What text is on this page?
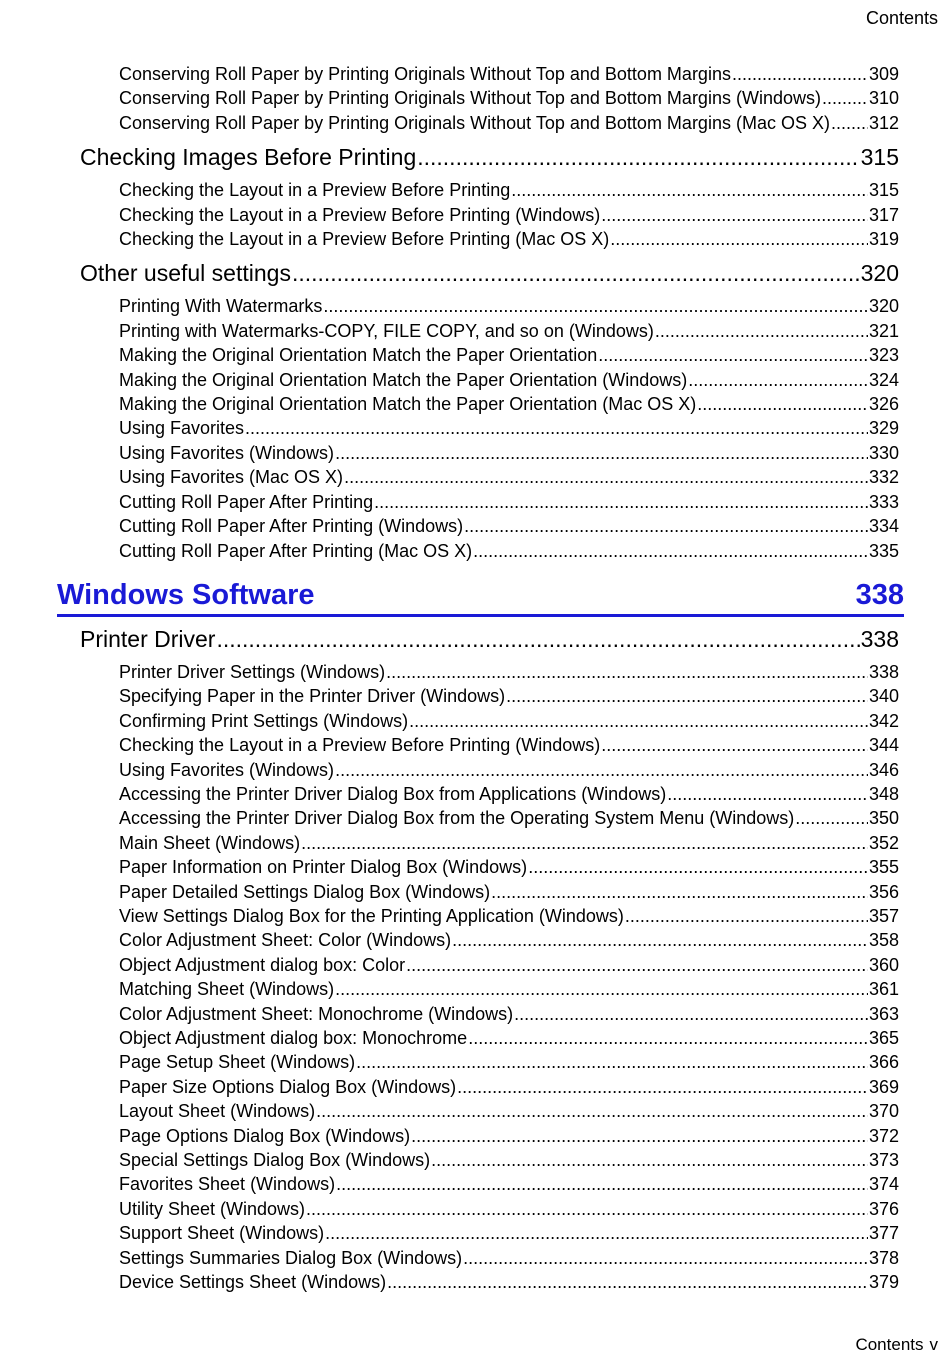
Contents
Conserving Roll Paper by Printing Originals Without Top and Bottom Margins .....	309
Conserving Roll Paper by Printing Originals Without Top and Bottom Margins (Windows) .....	310
Conserving Roll Paper by Printing Originals Without Top and Bottom Margins (Mac OS X) ..... 312
Checking Images Before Printing .....	315
Checking the Layout in a Preview Before Printing .....	315
Checking the Layout in a Preview Before Printing (Windows) .....	317
Checking the Layout in a Preview Before Printing (Mac OS X) .....	319
Other useful settings .....	320
Printing With Watermarks .....	320
Printing with Watermarks-COPY, FILE COPY, and so on (Windows) .....	321
Making the Original Orientation Match the Paper Orientation .....	323
Making the Original Orientation Match the Paper Orientation (Windows) .....	324
Making the Original Orientation Match the Paper Orientation (Mac OS X) .....	326
Using Favorites .....	329
Using Favorites (Windows) .....	330
Using Favorites (Mac OS X) .....	332
Cutting Roll Paper After Printing .....	333
Cutting Roll Paper After Printing (Windows) .....	334
Cutting Roll Paper After Printing (Mac OS X) .....	335
Windows Software	338
Printer Driver .....	338
Printer Driver Settings (Windows) .....	338
Specifying Paper in the Printer Driver (Windows) .....	340
Confirming Print Settings (Windows) .....	342
Checking the Layout in a Preview Before Printing (Windows) .....	344
Using Favorites (Windows) .....	346
Accessing the Printer Driver Dialog Box from Applications (Windows) .....	348
Accessing the Printer Driver Dialog Box from the Operating System Menu (Windows) .....	350
Main Sheet (Windows) .....	352
Paper Information on Printer Dialog Box (Windows) .....	355
Paper Detailed Settings Dialog Box (Windows) .....	356
View Settings Dialog Box for the Printing Application (Windows) .....	357
Color Adjustment Sheet: Color (Windows) .....	358
Object Adjustment dialog box: Color .....	360
Matching Sheet (Windows) .....	361
Color Adjustment Sheet: Monochrome (Windows) .....	363
Object Adjustment dialog box: Monochrome .....	365
Page Setup Sheet (Windows) .....	366
Paper Size Options Dialog Box (Windows) .....	369
Layout Sheet (Windows) .....	370
Page Options Dialog Box (Windows) .....	372
Special Settings Dialog Box (Windows) .....	373
Favorites Sheet (Windows) .....	374
Utility Sheet (Windows) .....	376
Support Sheet (Windows) .....	377
Settings Summaries Dialog Box (Windows) .....	378
Device Settings Sheet (Windows) .....	379
Contents v
